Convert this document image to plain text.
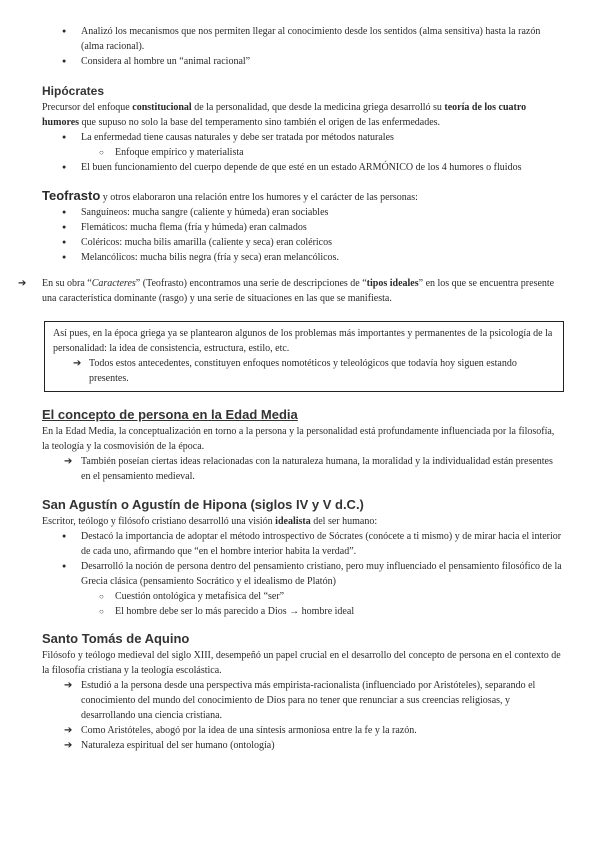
● Analizó los mecanismos que nos permiten llegar al conocimiento desde los sentidos (alma sensitiva) hasta la razón (alma racional).
● Considera al hombre un “animal racional”
Hipócrates

Precursor del enfoque constitucional de la personalidad, que desde la medicina griega desarrolló su teoría de los cuatro humores que supuso no solo la base del temperamento sino también el origen de las enfermedades.

● La enfermedad tiene causas naturales y debe ser tratada por métodos naturales
○ Enfoque empírico y materialista
● El buen funcionamiento del cuerpo depende de que esté en un estado ARMÓNICO de los 4 humores o fluidos

Teofrasto y otros elaboraron una relación entre los humores y el carácter de las personas:

● Sanguíneos: mucha sangre (caliente y húmeda) eran sociables
● Flemáticos: mucha flema (fría y húmeda) eran calmados
● Coléricos: mucha bilis amarilla (caliente y seca) eran coléricos
● Melancólicos: mucha bilis negra (fría y seca) eran melancólicos.
➔ En su obra “Caracteres” (Teofrasto) encontramos una serie de descripciones de “tipos ideales” en los que se encuentra presente una característica dominante (rasgo) y una serie de situaciones en las que se manifiesta.

Así pues, en la época griega ya se plantearon algunos de los problemas más importantes y permanentes de la psicología de la personalidad: la idea de consistencia, estructura, estilo, etc.

➔ Todos estos antecedentes, constituyen enfoques nomotéticos y teleológicos que todavía hoy siguen estando presentes.
El concepto de persona en la Edad Media

En la Edad Media, la conceptualización en torno a la persona y la personalidad está profundamente influenciada por la filosofía, la teología y la cosmovisión de la época.

➔ También poseían ciertas ideas relacionadas con la naturaleza humana, la moralidad y la individualidad están presentes en el pensamiento medieval.
San Agustín o Agustín de Hipona (siglos IV y V d.C.)

Escritor, teólogo y filósofo cristiano desarrolló una visión idealista del ser humano:

● Destacó la importancia de adoptar el método introspectivo de Sócrates (conócete a ti mismo) y de mirar hacia el interior de cada uno, afirmando que “en el hombre interior habita la verdad”.
● Desarrolló la noción de persona dentro del pensamiento cristiano, pero muy influenciado el pensamiento filosófico de la Grecia clásica (pensamiento Socrático y el idealismo de Platón)
○ Cuestión ontológica y metafísica del “ser”
○ El hombre debe ser lo más parecido a Dios → hombre ideal
Santo Tomás de Aquino

Filósofo y teólogo medieval del siglo XIII, desempeñó un papel crucial en el desarrollo del concepto de persona en el contexto de la filosofía cristiana y la teología escolástica.

➔ Estudió a la persona desde una perspectiva más empirista-racionalista (influenciado por Aristóteles), separando el conocimiento del mundo del conocimiento de Dios para no tener que renunciar a sus creencias religiosas, y desarrollando una ciencia cristiana.
➔ Como Aristóteles, abogó por la idea de una síntesis armoniosa entre la fe y la razón.
➔ Naturaleza espiritual del ser humano (ontología)
